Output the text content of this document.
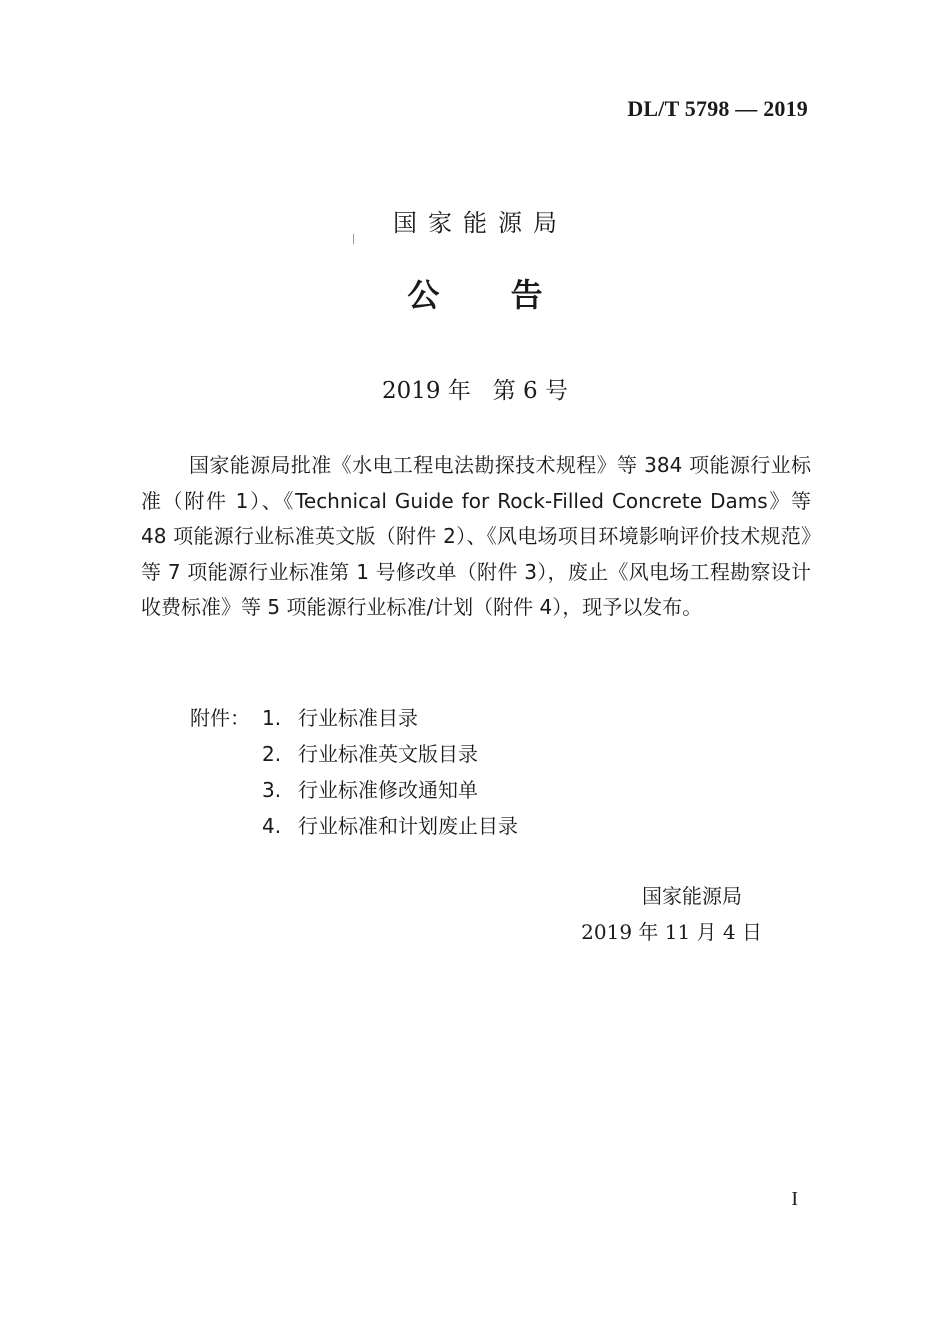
DL/T 5798 — 2019
国家能源局
公 告
2019 年   第 6 号
国家能源局批准《水电工程电法勘探技术规程》等 384 项能源行业标准（附件 1）、《Technical Guide for Rock-Filled Concrete Dams》等 48 项能源行业标准英文版（附件 2）、《风电场项目环境影响评价技术规范》等 7 项能源行业标准第 1 号修改单（附件 3），废止《风电场工程勘察设计收费标准》等 5 项能源行业标准/计划（附件 4），现予以发布。
附件： 1. 行业标准目录
2. 行业标准英文版目录
3. 行业标准修改通知单
4. 行业标准和计划废止目录
国家能源局
2019 年 11 月 4 日
I
